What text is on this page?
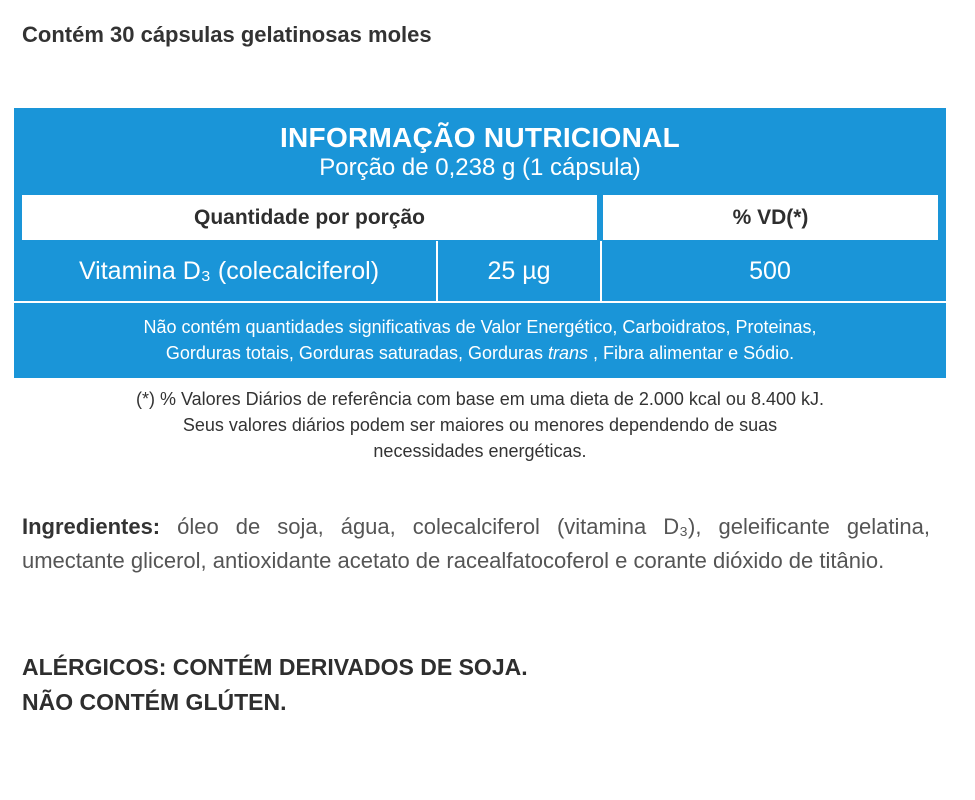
Contém 30 cápsulas gelatinosas moles
INFORMAÇÃO NUTRICIONAL
Porção de 0,238 g (1 cápsula)
Quantidade por porção	% VD(*)
Vitamina D₃ (colecalciferol)	25 µg	500
Não contém quantidades significativas de Valor Energético, Carboidratos, Proteinas,
Gorduras totais, Gorduras saturadas, Gorduras trans , Fibra alimentar e Sódio.
(*) % Valores Diários de referência com base em uma dieta de 2.000 kcal ou 8.400 kJ.
Seus valores diários podem ser maiores ou menores dependendo de suas
necessidades energéticas.
Ingredientes: óleo de soja, água, colecalciferol (vitamina D₃), geleificante gelatina, umectante glicerol, antioxidante acetato de racealfatocoferol e corante dióxido de titânio.
ALÉRGICOS: CONTÉM DERIVADOS DE SOJA.
NÃO CONTÉM GLÚTEN.
